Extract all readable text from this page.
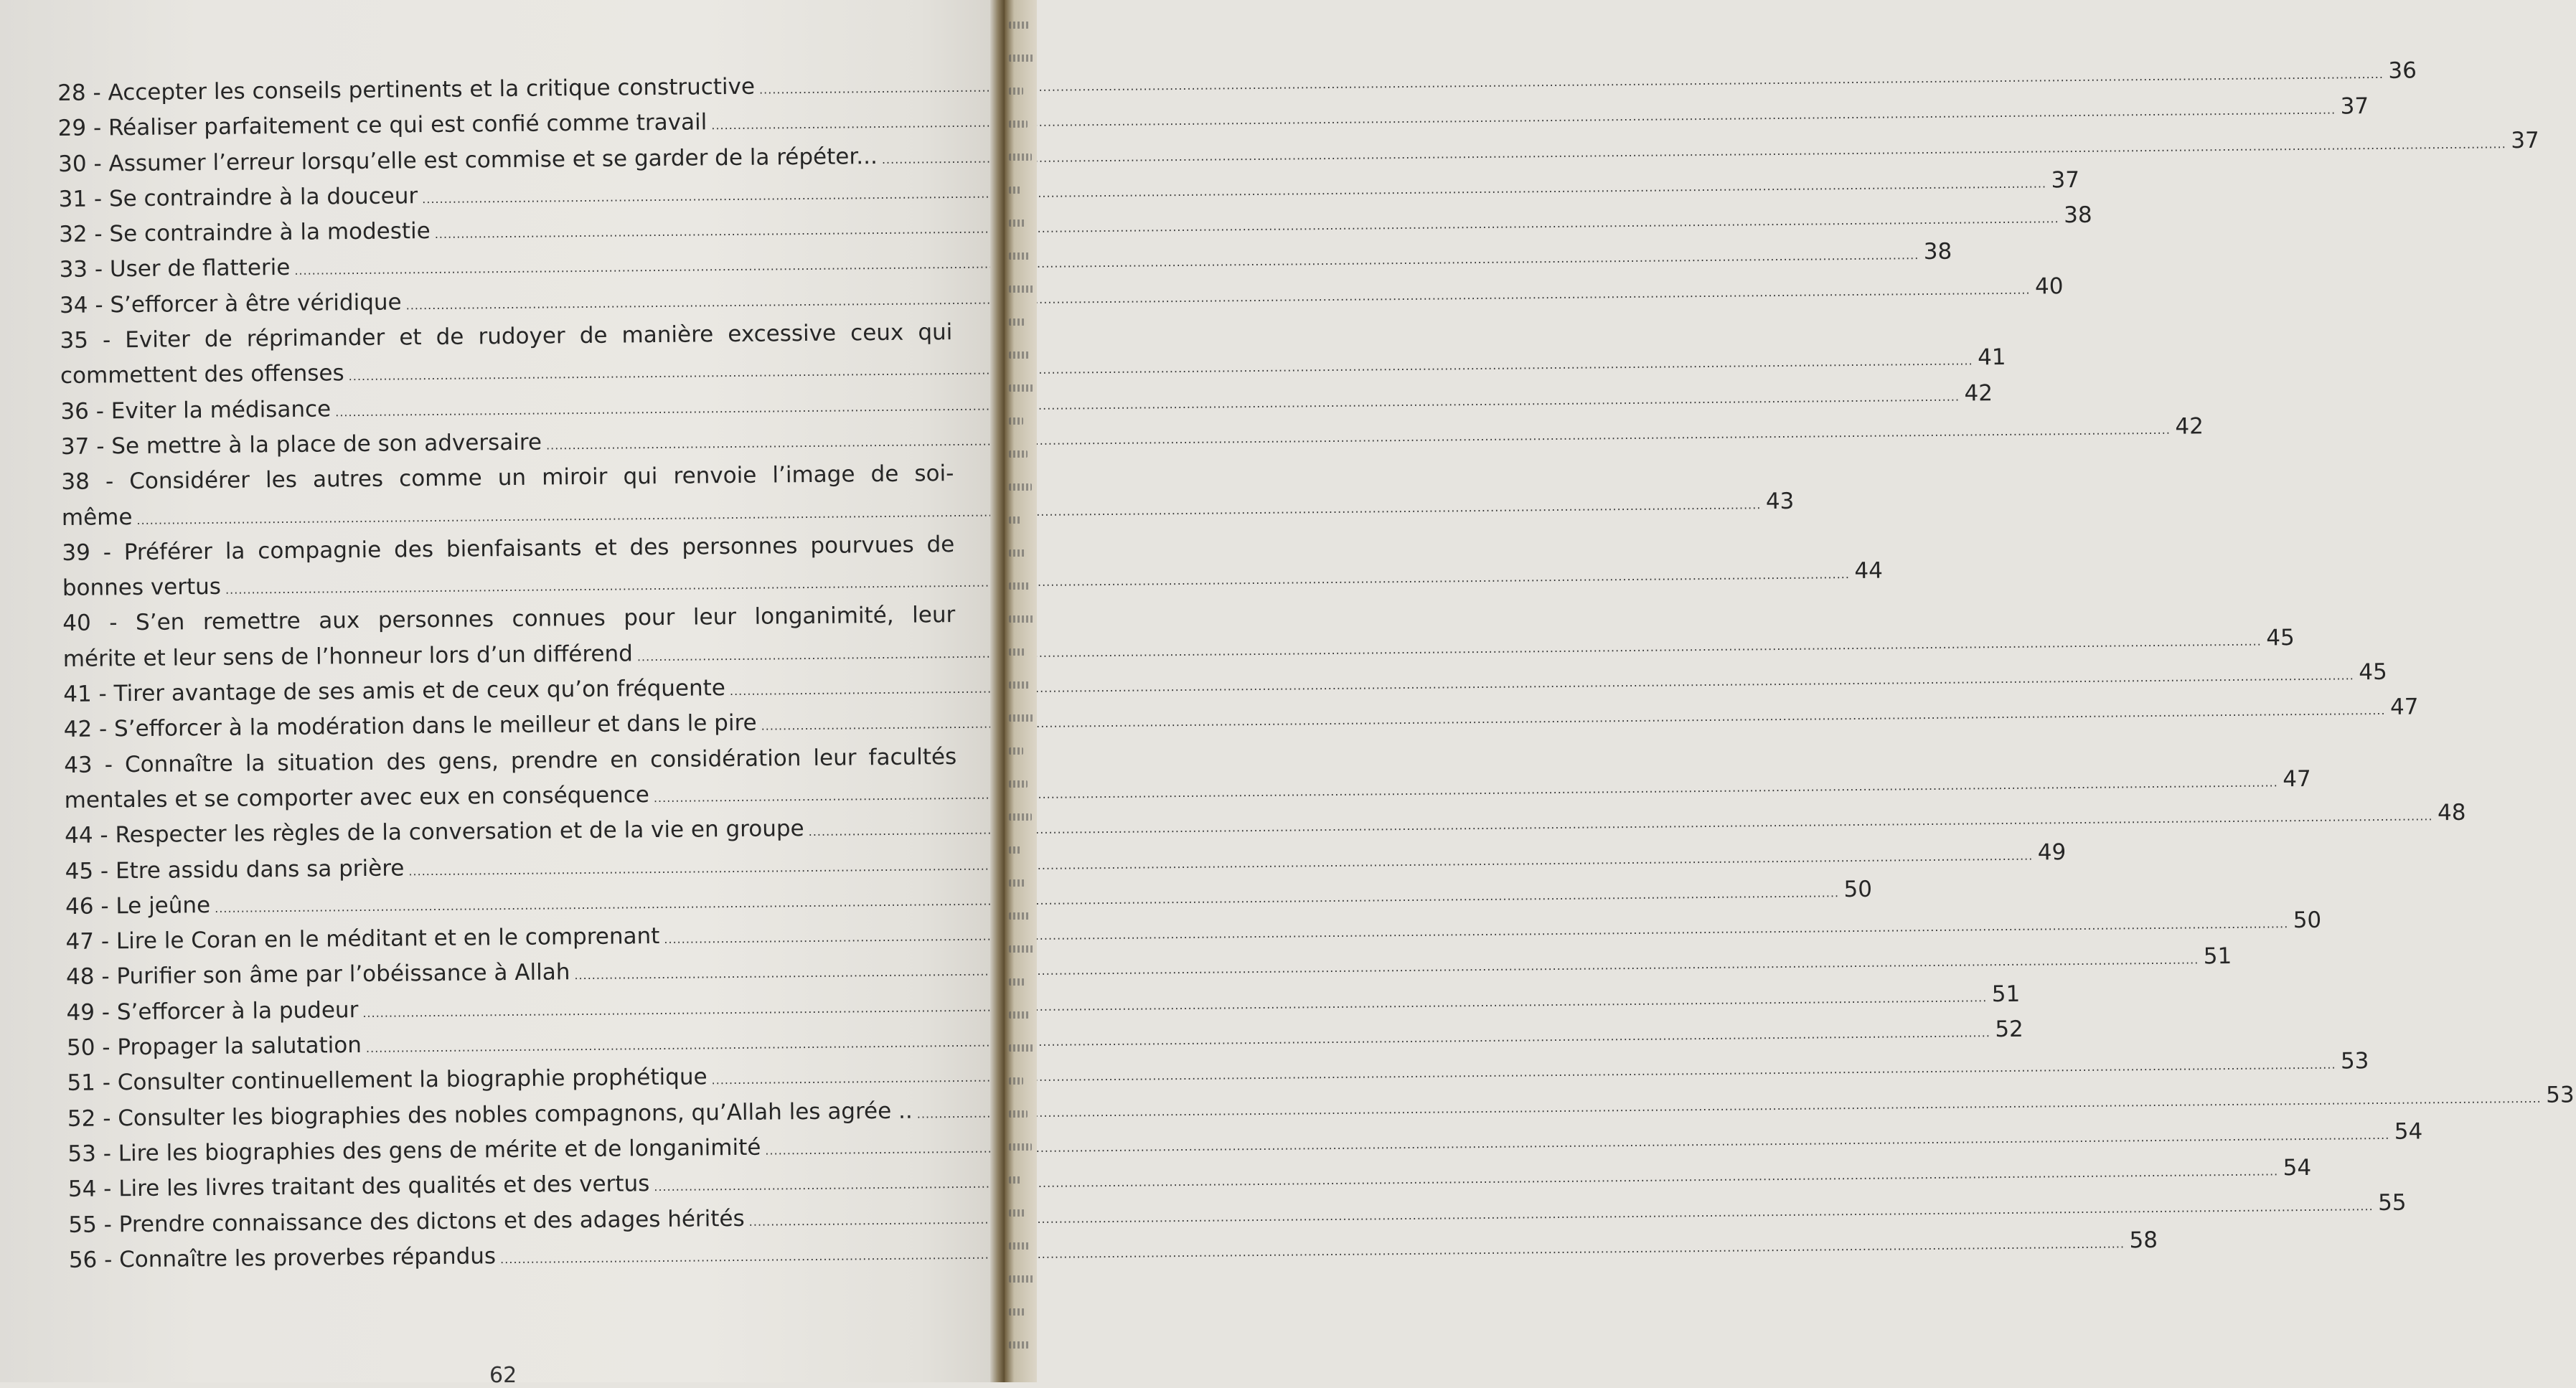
28 - Accepter les conseils pertinents et la critique constructive
.....
36
29 - Réaliser parfaitement ce qui est confié comme travail
.....
37
30 - Assumer l’erreur lorsqu’elle est commise et se garder de la répéter...
.....
37
31 - Se contraindre à la douceur
.....
37
32 - Se contraindre à la modestie
.....
38
33 - User de flatterie
.....
38
34 - S’efforcer à être véridique
.....
40
35 - Eviter de réprimander et de rudoyer de manière excessive ceux qui
commettent des offenses
.....
41
36 - Eviter la médisance
.....
42
37 - Se mettre à la place de son adversaire
.....
42
38 - Considérer les autres comme un miroir qui renvoie l’image de soi-
même
.....
43
39 - Préférer la compagnie des bienfaisants et des personnes pourvues de
bonnes vertus
.....
44
40 - S’en remettre aux personnes connues pour leur longanimité, leur
mérite et leur sens de l’honneur lors d’un différend
.....
45
41 - Tirer avantage de ses amis et de ceux qu’on fréquente
.....
45
42 - S’efforcer à la modération dans le meilleur et dans le pire
.....
47
43 - Connaître la situation des gens, prendre en considération leur facultés
mentales et se comporter avec eux en conséquence
.....
47
44 - Respecter les règles de la conversation et de la vie en groupe
.....
48
45 - Etre assidu dans sa prière
.....
49
46 - Le jeûne
.....
50
47 - Lire le Coran en le méditant et en le comprenant
.....
50
48 - Purifier son âme par l’obéissance à Allah
.....
51
49 - S’efforcer à la pudeur
.....
51
50 - Propager la salutation
.....
52
51 - Consulter continuellement la biographie prophétique
.....
53
52 - Consulter les biographies des nobles compagnons, qu’Allah les agrée ..
.....
53
53 - Lire les biographies des gens de mérite et de longanimité
.....
54
54 - Lire les livres traitant des qualités et des vertus
.....
54
55 - Prendre connaissance des dictons et des adages hérités
.....
55
56 - Connaître les proverbes répandus
.....
58
62
